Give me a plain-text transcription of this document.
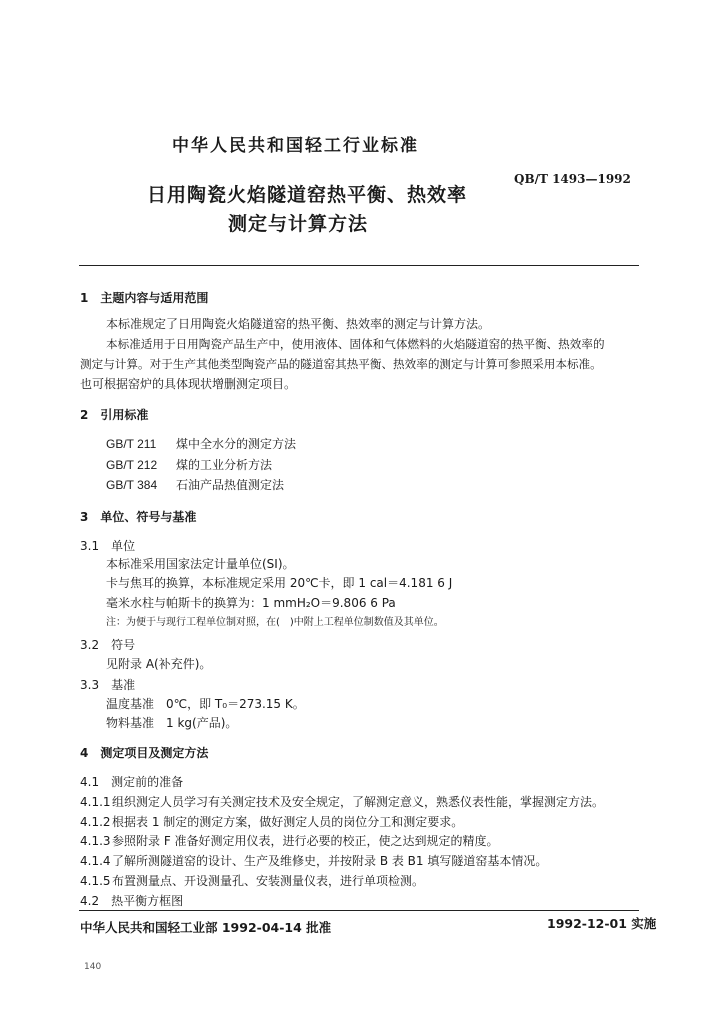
中华人民共和国轻工行业标准
QB/T 1493—1992
日用陶瓷火焰隧道窑热平衡、热效率
测定与计算方法
1　主题内容与适用范围
本标准规定了日用陶瓷火焰隧道窑的热平衡、热效率的测定与计算方法。
本标准适用于日用陶瓷产品生产中，使用液体、固体和气体燃料的火焰隧道窑的热平衡、热效率的
测定与计算。对于生产其他类型陶瓷产品的隧道窑其热平衡、热效率的测定与计算可参照采用本标准。
也可根据窑炉的具体现状增删测定项目。
2　引用标准
GB/T 211 煤中全水分的测定方法
GB/T 212 煤的工业分析方法
GB/T 384 石油产品热值测定法
3　单位、符号与基准
3.1　单位
本标准采用国家法定计量单位(SI)。
卡与焦耳的换算，本标准规定采用 20℃卡，即 1 cal＝4.181 6 J
毫米水柱与帕斯卡的换算为：1 mmH₂O＝9.806 6 Pa
注：为便于与现行工程单位制对照，在(　)中附上工程单位制数值及其单位。
3.2　符号
见附录 A(补充件)。
3.3　基准
温度基准　0℃，即 T₀＝273.15 K。
物料基准　1 kg(产品)。
4　测定项目及测定方法
4.1　测定前的准备
4.1.1组织测定人员学习有关测定技术及安全规定，了解测定意义，熟悉仪表性能，掌握测定方法。
4.1.2根据表 1 制定的测定方案，做好测定人员的岗位分工和测定要求。
4.1.3参照附录 F 准备好测定用仪表，进行必要的校正，使之达到规定的精度。
4.1.4了解所测隧道窑的设计、生产及维修史，并按附录 B 表 B1 填写隧道窑基本情况。
4.1.5布置测量点、开设测量孔、安装测量仪表，进行单项检测。
4.2　热平衡方框图
中华人民共和国轻工业部 1992-04-14 批准	1992-12-01 实施
140
